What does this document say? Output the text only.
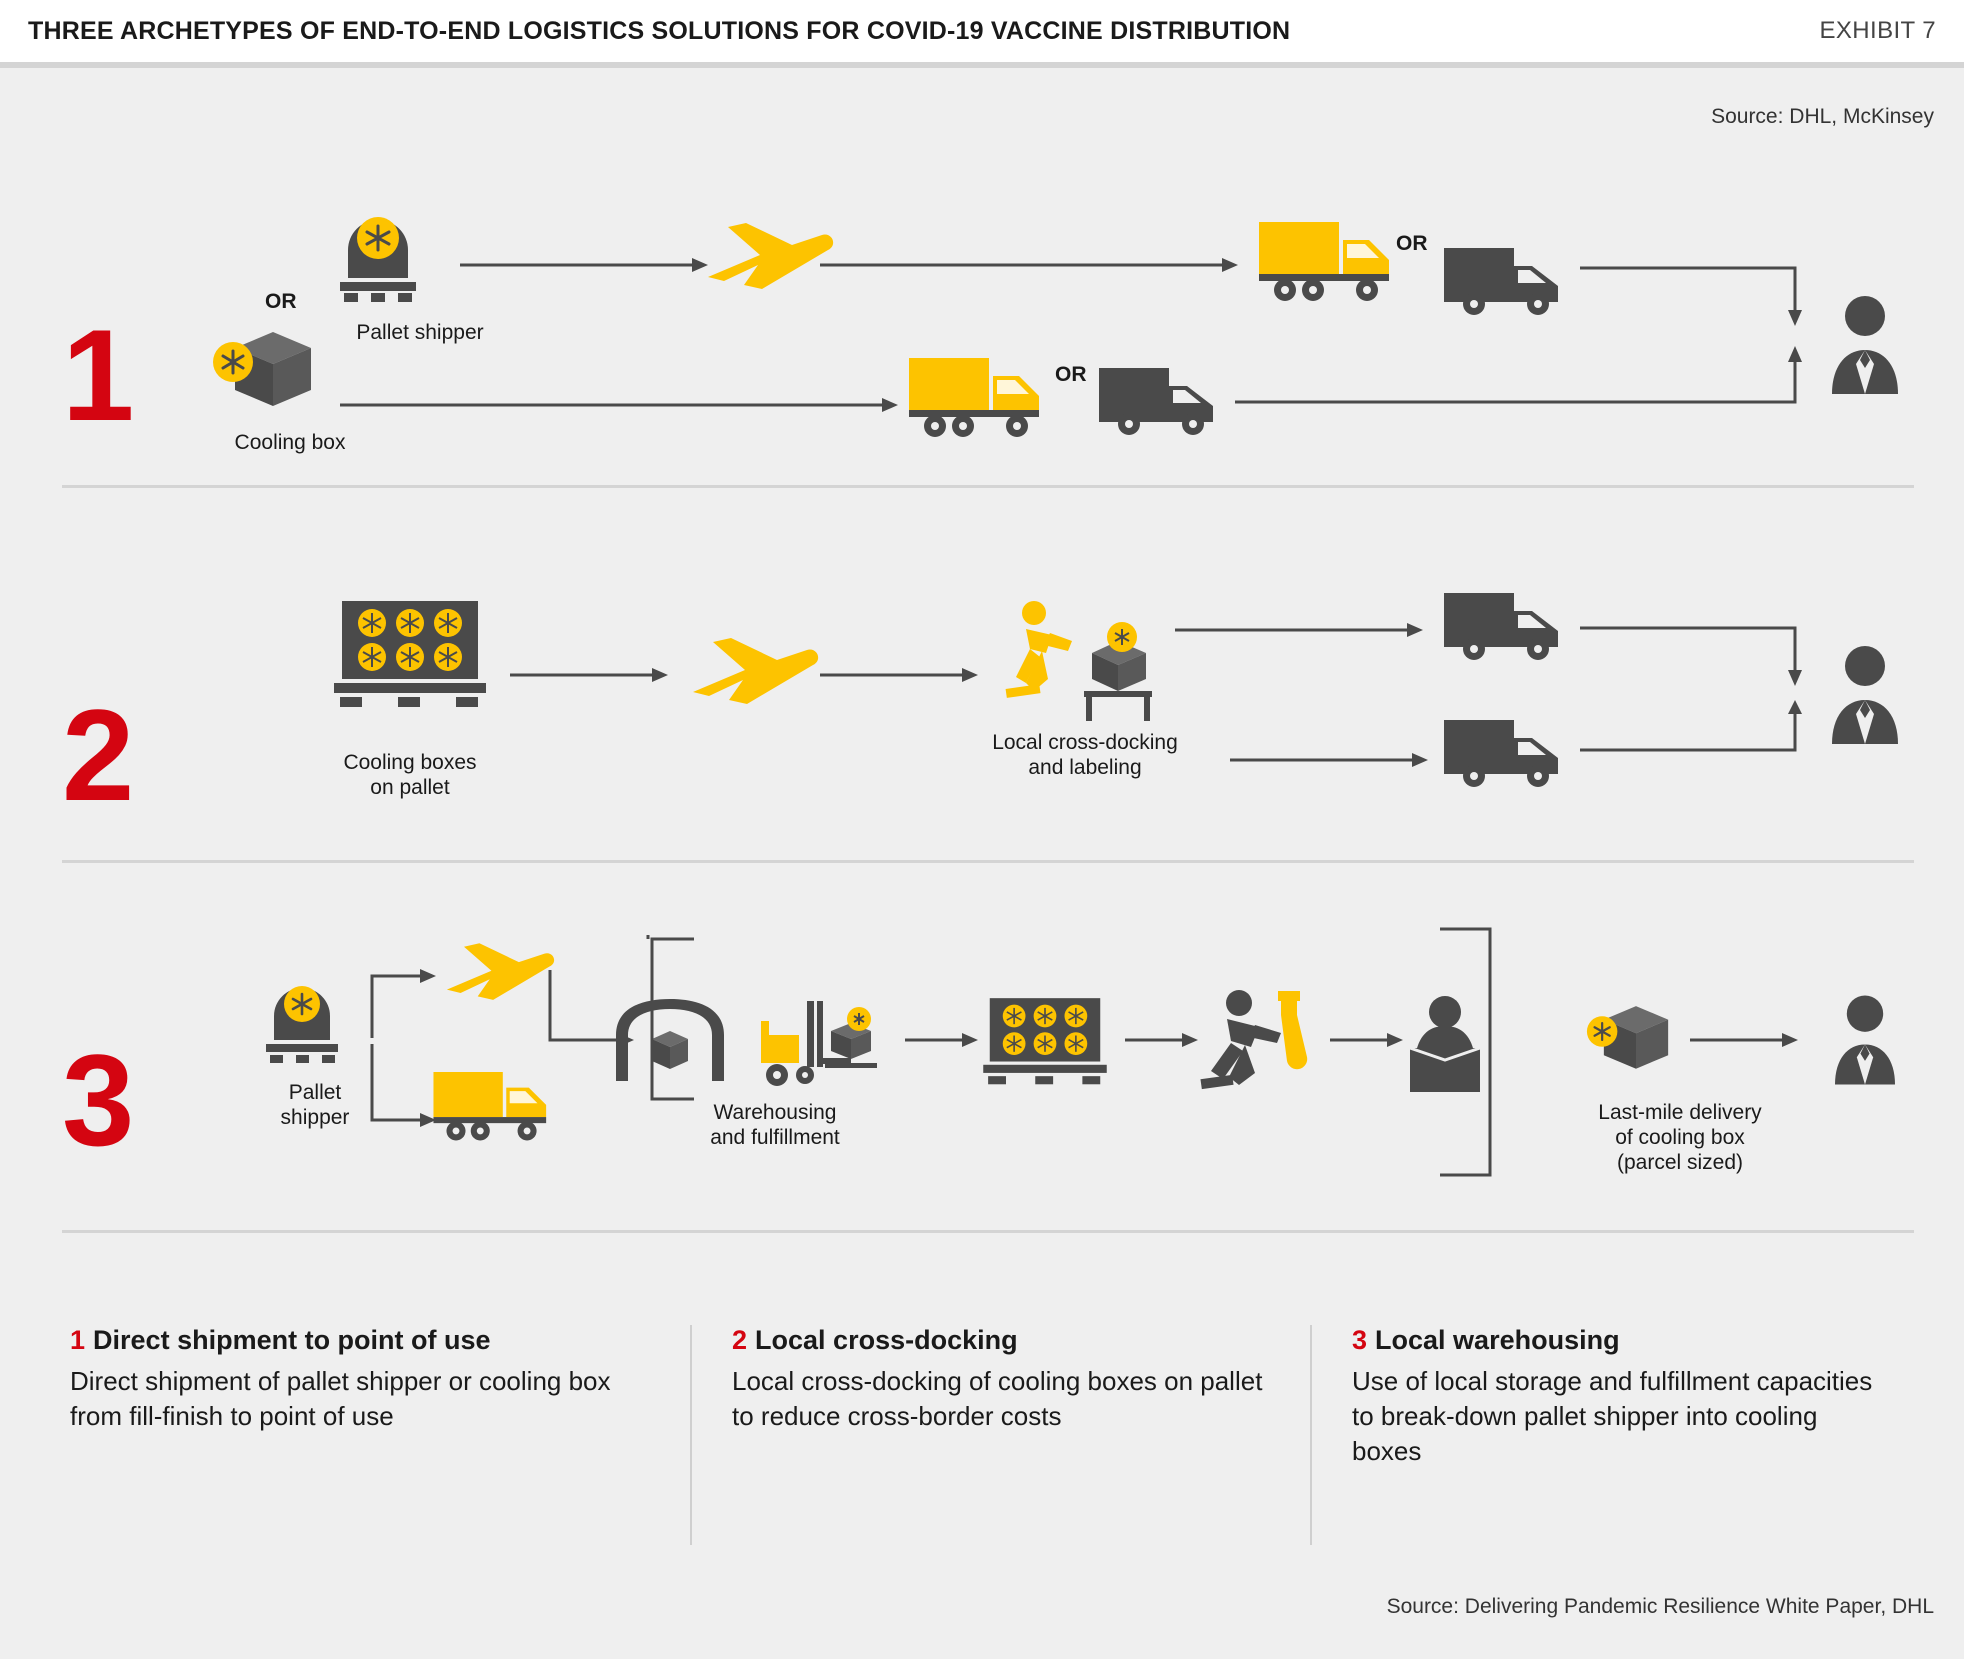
THREE ARCHETYPES OF END-TO-END LOGISTICS SOLUTIONS FOR COVID-19 VACCINE DISTRIBUTION	EXHIBIT 7
Source: DHL, McKinsey
1	Pallet shipper
OR
Cooling box
OR
OR
2	Cooling boxes
on pallet
Local cross-docking
and labeling
3	Pallet
shipper	Warehousing
and fulfillment
Last-mile delivery
of cooling box
(parcel sized)
1 Direct shipment to point of use
Direct shipment of pallet shipper or cooling box from fill-finish to point of use
2 Local cross-docking
Local cross-docking of cooling boxes on pallet to reduce cross-border costs
3 Local warehousing
Use of local storage and fulfillment capacities to break-down pallet shipper into cooling boxes
Source: Delivering Pandemic Resilience White Paper, DHL
